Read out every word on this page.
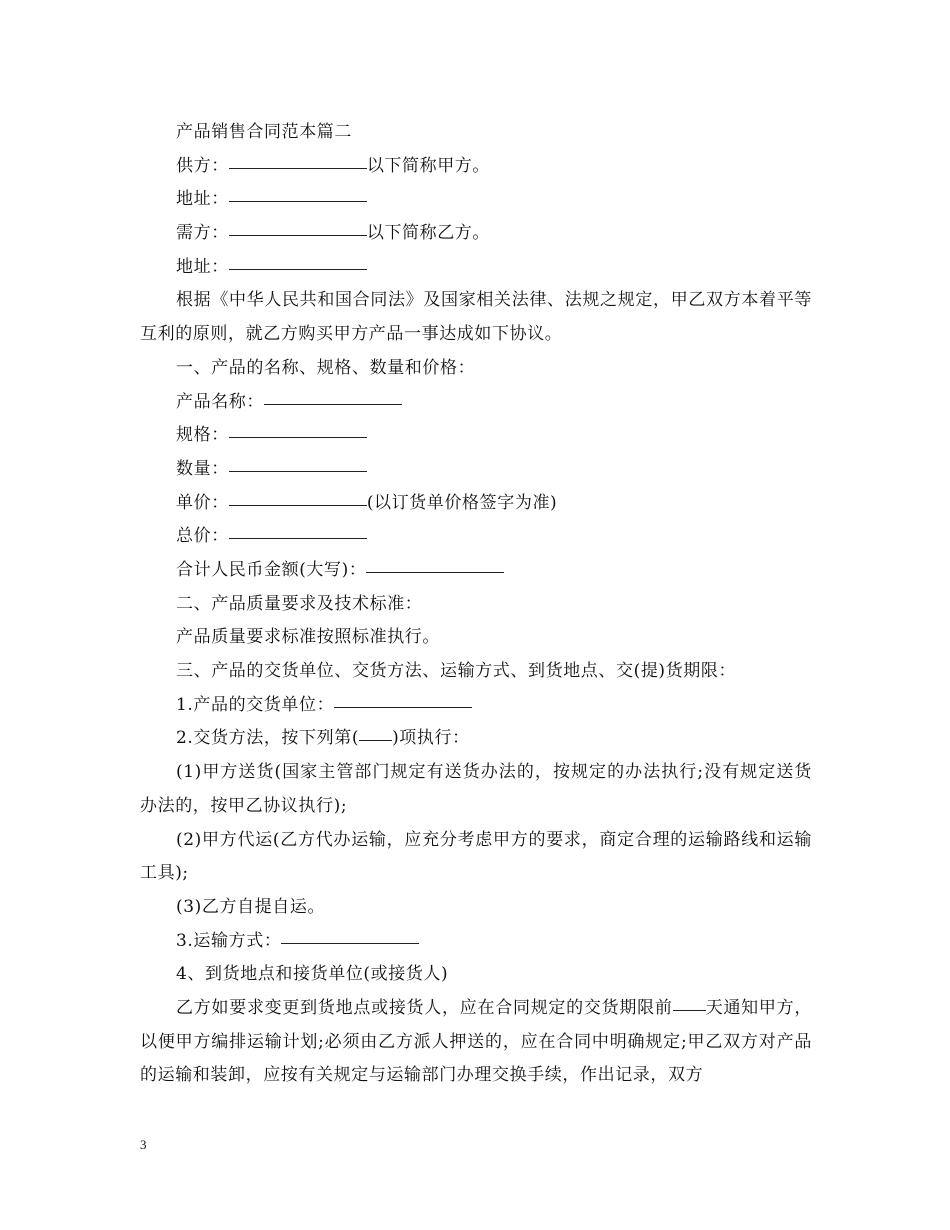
产品销售合同范本篇二
供方：	以下简称甲方。
地址：
需方：	以下简称乙方。
地址：
根据《中华人民共和国合同法》及国家相关法律、法规之规定，甲乙双方本着平等互利的原则，就乙方购买甲方产品一事达成如下协议。
一、产品的名称、规格、数量和价格：
产品名称：
规格：
数量：
单价：	(以订货单价格签字为准)
总价：
合计人民币金额(大写)：
二、产品质量要求及技术标准：
产品质量要求标准按照标准执行。
三、产品的交货单位、交货方法、运输方式、到货地点、交(提)货期限：
1.产品的交货单位：
2.交货方法，按下列第( )项执行：
(1)甲方送货(国家主管部门规定有送货办法的，按规定的办法执行;没有规定送货办法的，按甲乙协议执行);
(2)甲方代运(乙方代办运输，应充分考虑甲方的要求，商定合理的运输路线和运输工具);
(3)乙方自提自运。
3.运输方式：
4、到货地点和接货单位(或接货人)
乙方如要求变更到货地点或接货人，应在合同规定的交货期限前 天通知甲方，以便甲方编排运输计划;必须由乙方派人押送的，应在合同中明确规定;甲乙双方对产品的运输和装卸，应按有关规定与运输部门办理交换手续，作出记录，双方
3
